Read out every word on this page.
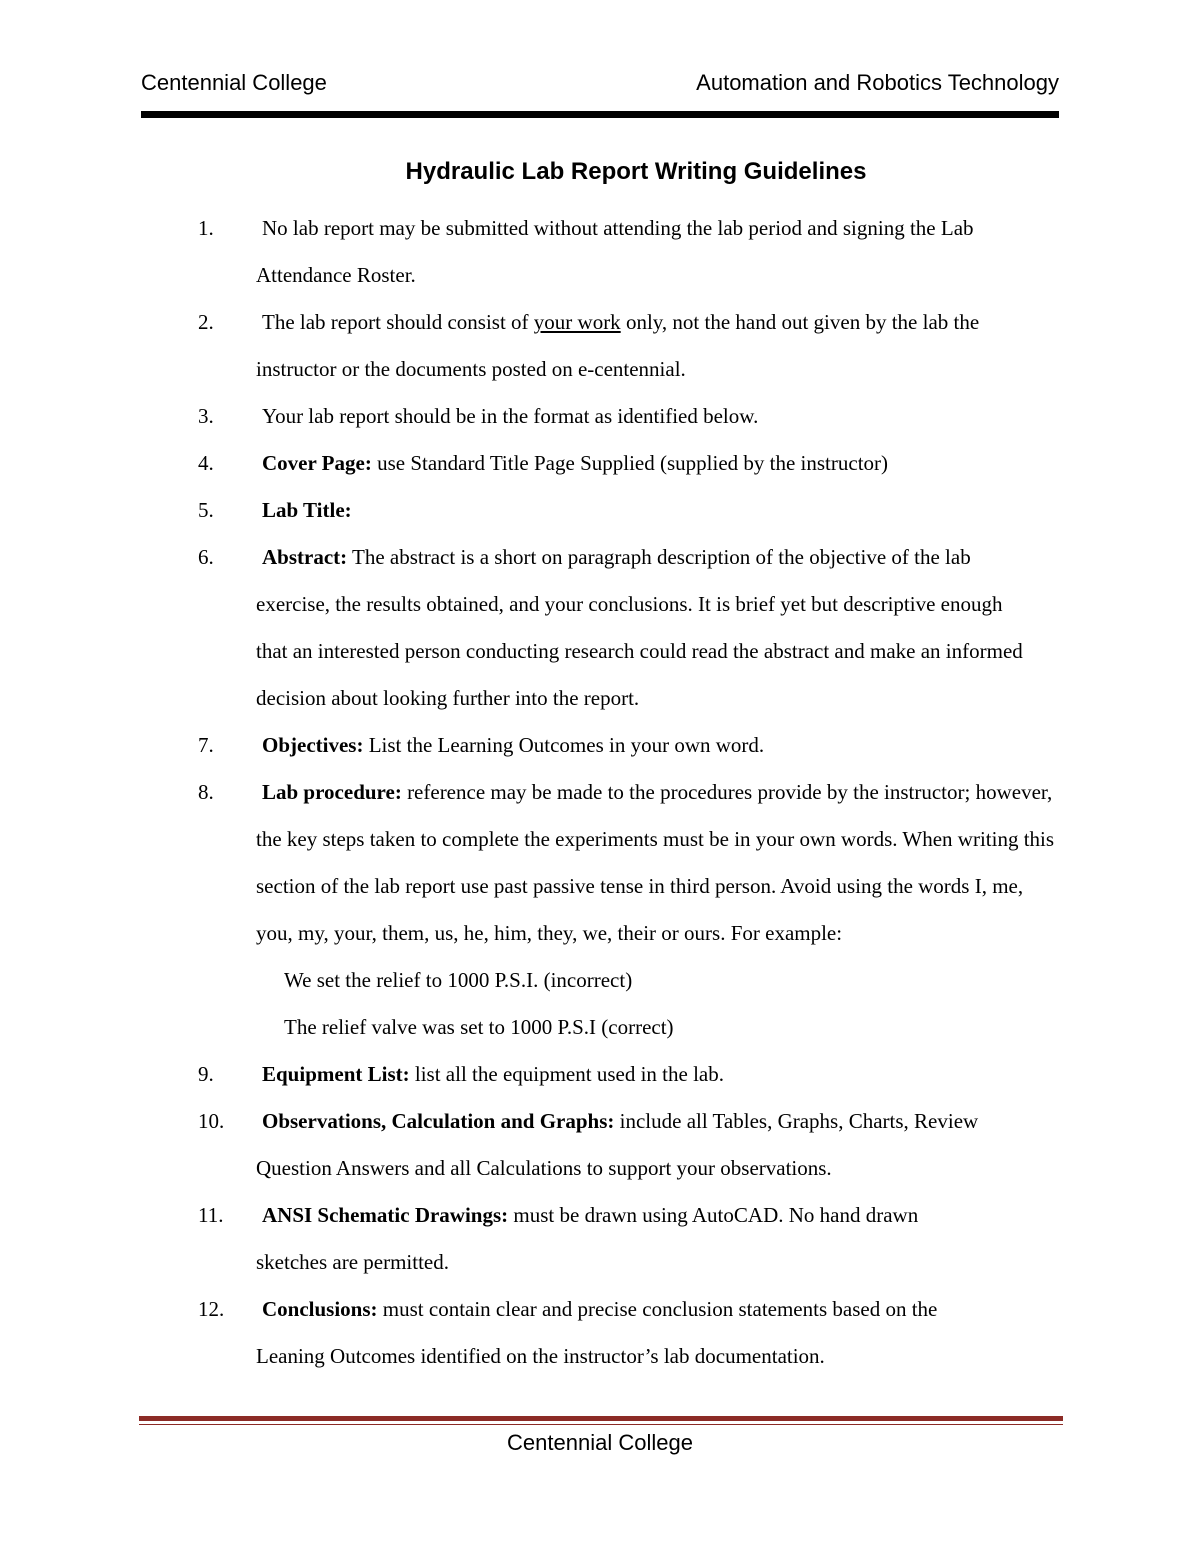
Centennial College	Automation and Robotics Technology
Hydraulic Lab Report Writing Guidelines
1. No lab report may be submitted without attending the lab period and signing the Lab
Attendance Roster.
2. The lab report should consist of your work only, not the hand out given by the lab the
instructor or the documents posted on e-centennial.
3. Your lab report should be in the format as identified below.
4. Cover Page: use Standard Title Page Supplied (supplied by the instructor)
5. Lab Title:
6. Abstract: The abstract is a short on paragraph description of the objective of the lab
exercise, the results obtained, and your conclusions. It is brief yet but descriptive enough
that an interested person conducting research could read the abstract and make an informed
decision about looking further into the report.
7. Objectives: List the Learning Outcomes in your own word.
8. Lab procedure: reference may be made to the procedures provide by the instructor; however,
the key steps taken to complete the experiments must be in your own words. When writing this
section of the lab report use past passive tense in third person. Avoid using the words I, me,
you, my, your, them, us, he, him, they, we, their or ours. For example:
We set the relief to 1000 P.S.I. (incorrect)
The relief valve was set to 1000 P.S.I (correct)
9. Equipment List: list all the equipment used in the lab.
10. Observations, Calculation and Graphs: include all Tables, Graphs, Charts, Review
Question Answers and all Calculations to support your observations.
11. ANSI Schematic Drawings: must be drawn using AutoCAD. No hand drawn
sketches are permitted.
12. Conclusions: must contain clear and precise conclusion statements based on the
Leaning Outcomes identified on the instructor’s lab documentation.
Centennial College
